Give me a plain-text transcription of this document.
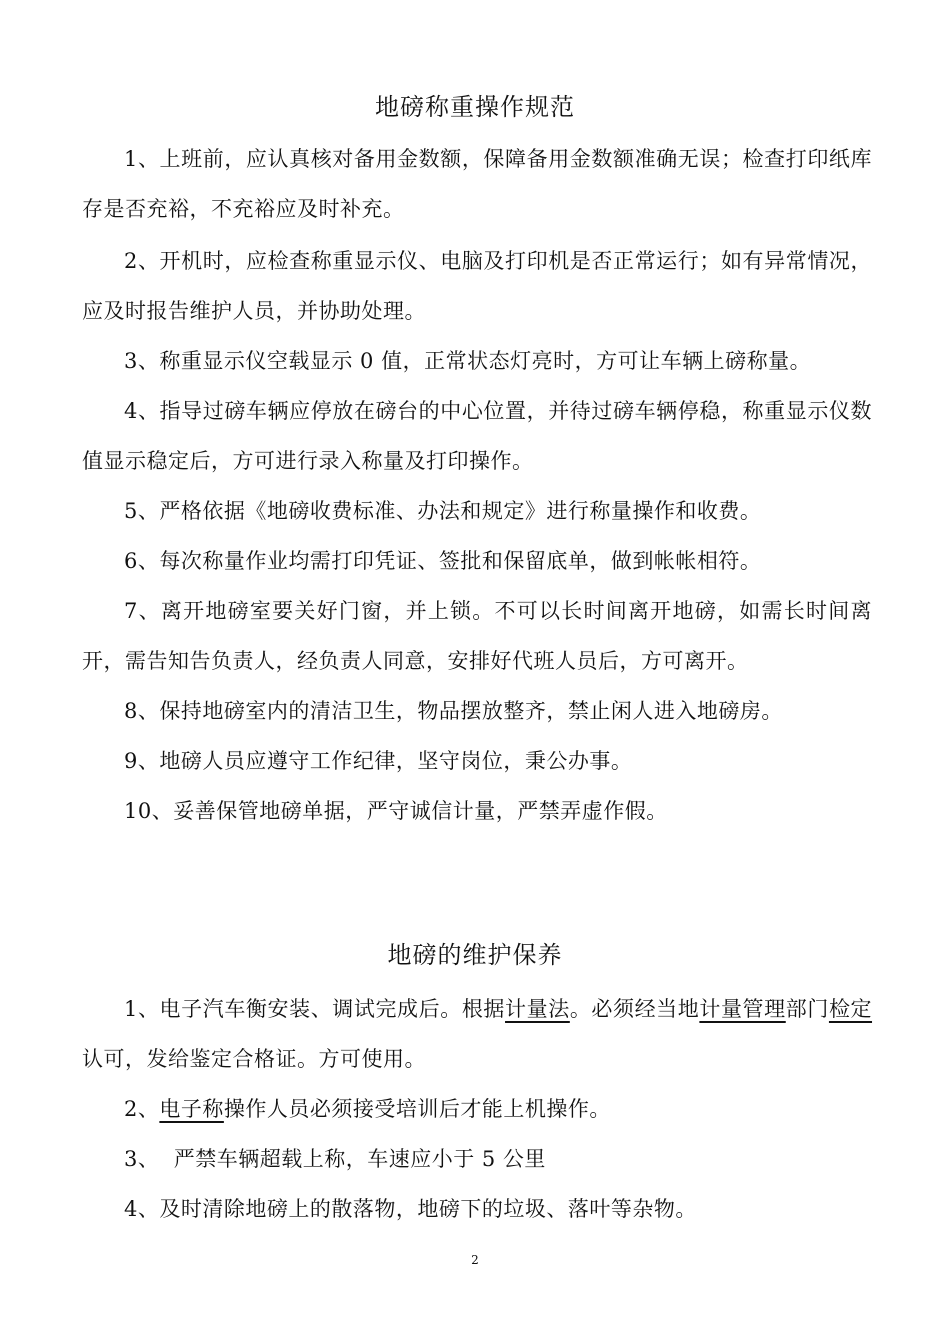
地磅称重操作规范
1、上班前，应认真核对备用金数额，保障备用金数额准确无误；检查打印纸库存是否充裕，不充裕应及时补充。
2、开机时，应检查称重显示仪、电脑及打印机是否正常运行；如有异常情况，应及时报告维护人员，并协助处理。
3、称重显示仪空载显示 0 值，正常状态灯亮时，方可让车辆上磅称量。
4、指导过磅车辆应停放在磅台的中心位置，并待过磅车辆停稳，称重显示仪数值显示稳定后，方可进行录入称量及打印操作。
5、严格依据《地磅收费标准、办法和规定》进行称量操作和收费。
6、每次称量作业均需打印凭证、签批和保留底单，做到帐帐相符。
7、离开地磅室要关好门窗，并上锁。不可以长时间离开地磅，如需长时间离开，需告知告负责人，经负责人同意，安排好代班人员后，方可离开。
8、保持地磅室内的清洁卫生，物品摆放整齐，禁止闲人进入地磅房。
9、地磅人员应遵守工作纪律，坚守岗位，秉公办事。
10、妥善保管地磅单据，严守诚信计量，严禁弄虚作假。
地磅的维护保养
1、电子汽车衡安装、调试完成后。根据计量法。必须经当地计量管理部门检定认可，发给鉴定合格证。方可使用。
2、电子称操作人员必须接受培训后才能上机操作。
3、  严禁车辆超载上称，车速应小于 5 公里
4、及时清除地磅上的散落物，地磅下的垃圾、落叶等杂物。
2
